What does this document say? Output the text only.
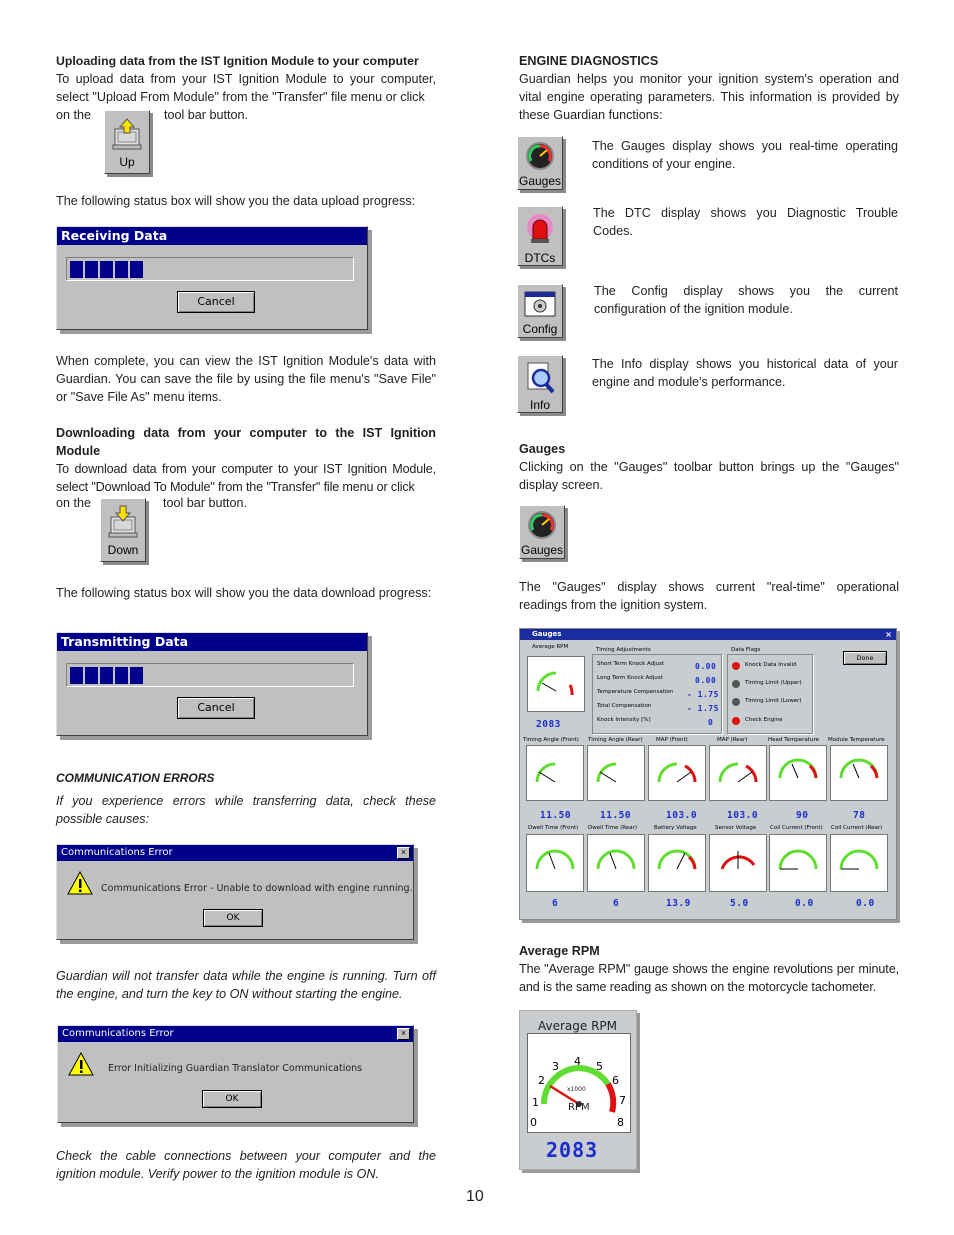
Uploading data from the IST Ignition Module to your computer

To upload data from your IST Ignition Module to your computer, select "Upload From Module" from the "Transfer" file menu or click

on the	tool bar button.
Up
The following status box will show you the data upload progress:
Receiving Data
Cancel

When complete, you can view the IST Ignition Module's data with Guardian. You can save the file by using the file menu's "Save File" or "Save File As" menu items.

Downloading data from your computer to the IST Ignition Module

To download data from your computer to your IST Ignition Module, select "Download To Module" from the "Transfer" file menu or click

on the	tool bar button.
Down

The following status box will show you the data download progress:

Transmitting Data
Cancel
COMMUNICATION ERRORS

If you experience errors while transferring data, check these possible causes:

Communications Error	×
Communications Error - Unable to download with engine running.
OK

Guardian will not transfer data while the engine is running. Turn off the engine, and turn the key to ON without starting the engine.

Communications Error	×
Error Initializing Guardian Translator Communications
OK

Check the cable connections between your computer and the ignition module. Verify power to the ignition module is ON.

ENGINE DIAGNOSTICS

Guardian helps you monitor your ignition system's operation and vital engine operating parameters. This information is provided by these Guardian functions:

Gauges
The Gauges display shows you real-time operating conditions of your engine.
DTCs
The DTC display shows you Diagnostic Trouble Codes.
Config
The Config display shows you the current configuration of the ignition module.
Info
The Info display shows you historical data of your engine and module's performance.

Gauges

Clicking on the "Gauges" toolbar button brings up the "Gauges" display screen.

Gauges

The "Gauges" display shows current "real-time" operational readings from the ignition system.

Gauges	×
Average RPM
2083
Timing Adjustments
Short Term Knock Adjust
Long Term Knock Adjust
Temperature Compensation
Total Compensation
Knock Intensity [%]
0.00
0.00
- 1.75
- 1.75
0
Data Flags
Knock Data Invalid
Timing Limit (Upper)
Timing Limit (Lower)
Check Engine
Done
Timing Angle (Front) Timing Angle (Rear) MAP (Front)	MAP (Rear)	Head Temperature Module Temperature
11.50	11.50	103.0	103.0	90	78
Dwell Time (Front) Dwell Time (Rear)	Battery Voltage	Sensor Voltage	Coil Current (Front) Coil Current (Rear)
6	6	13.9	5.0	0.0	0.0

Average RPM

The "Average RPM" gauge shows the engine revolutions per minute, and is the same reading as shown on the motorcycle tachometer.

Average RPM
0
1
2
3 4 5
6
7
8
x1000
RPM
2083
10
